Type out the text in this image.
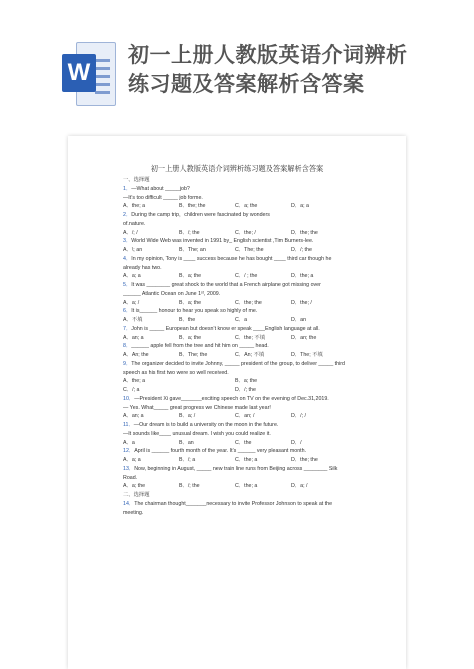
W
初一上册人教版英语介词辨析
练习题及答案解析含答案
初一上册人教版英语介词辨析练习题及答案解析含答案
一、选择题
1．—What about _____job?
—It’s too difficult _____ job forme.
A．the; a	B．the; the	C．a; the	D．a; a
2．During the camp trip，children were fascinated by wonders
of.nature.
A．/; /	B．/; the	C．the; /	D．the; the
3．World Wide Web was invented in 1991 by_ English scientist ,Tim Burners-lee.
A．\; an	B．The; an	C．The; the	D．/; the
4．In my opinion, Tony is ____ success because he has bought ____ third car though he
already has two.
A．a; a	B．a; the	C．/ ; the	D．the; a
5．It was ________ great shock to the world that a French airplane got missing over
______ Atlantic Ocean on June 1ˢᵗ, 2009.
A．a; /	B．a; the	C．the; the	D．the; /
6．It is______ honour to hear you speak so highly of me.
A．不填	B．the	C．a	D．an
7．John is _____ European but doesn’t know er speak ____English language at all.
A．an; a	B．a; the	C．the; 不填	D．an; the
8．______ apple fell from the tree and hit him on _____ head.
A．An; the	B．The; the	C．An; 不填	D．The; 不填
9．The organizer decided to invite Johnny, _____ president of the group, to deliver _____ third
speech as his first two were so well received.
A．the; a	B．a; the
C．/; a	D．/; the
10．—President Xi gave_______exciting speech on TV on the evening of Dec.31,2019.
— Yes. What_____ great progress we Chinese made last year!
A．an; a	B．a; /	C．an; /	D．/; /
11．—Our dream is to build a university on the moon in the future.
—It sounds like____ unusual dream. I wish you could realize it.
A．a	B．an	C．the	D．/
12．April is ______ fourth month of the year. It’s ______ very pleasant month.
A．a; a	B．/; a	C．the; a	D．the; the
13．Now, beginning in August, _____ new train line runs from Beijing across ________ Silk
Road.
A．a; the	B．/; the	C．the; a	D．a; /
二、选择题
14．The chairman thought_______necessary to invite Professor Johnson to speak at the
meeting.
